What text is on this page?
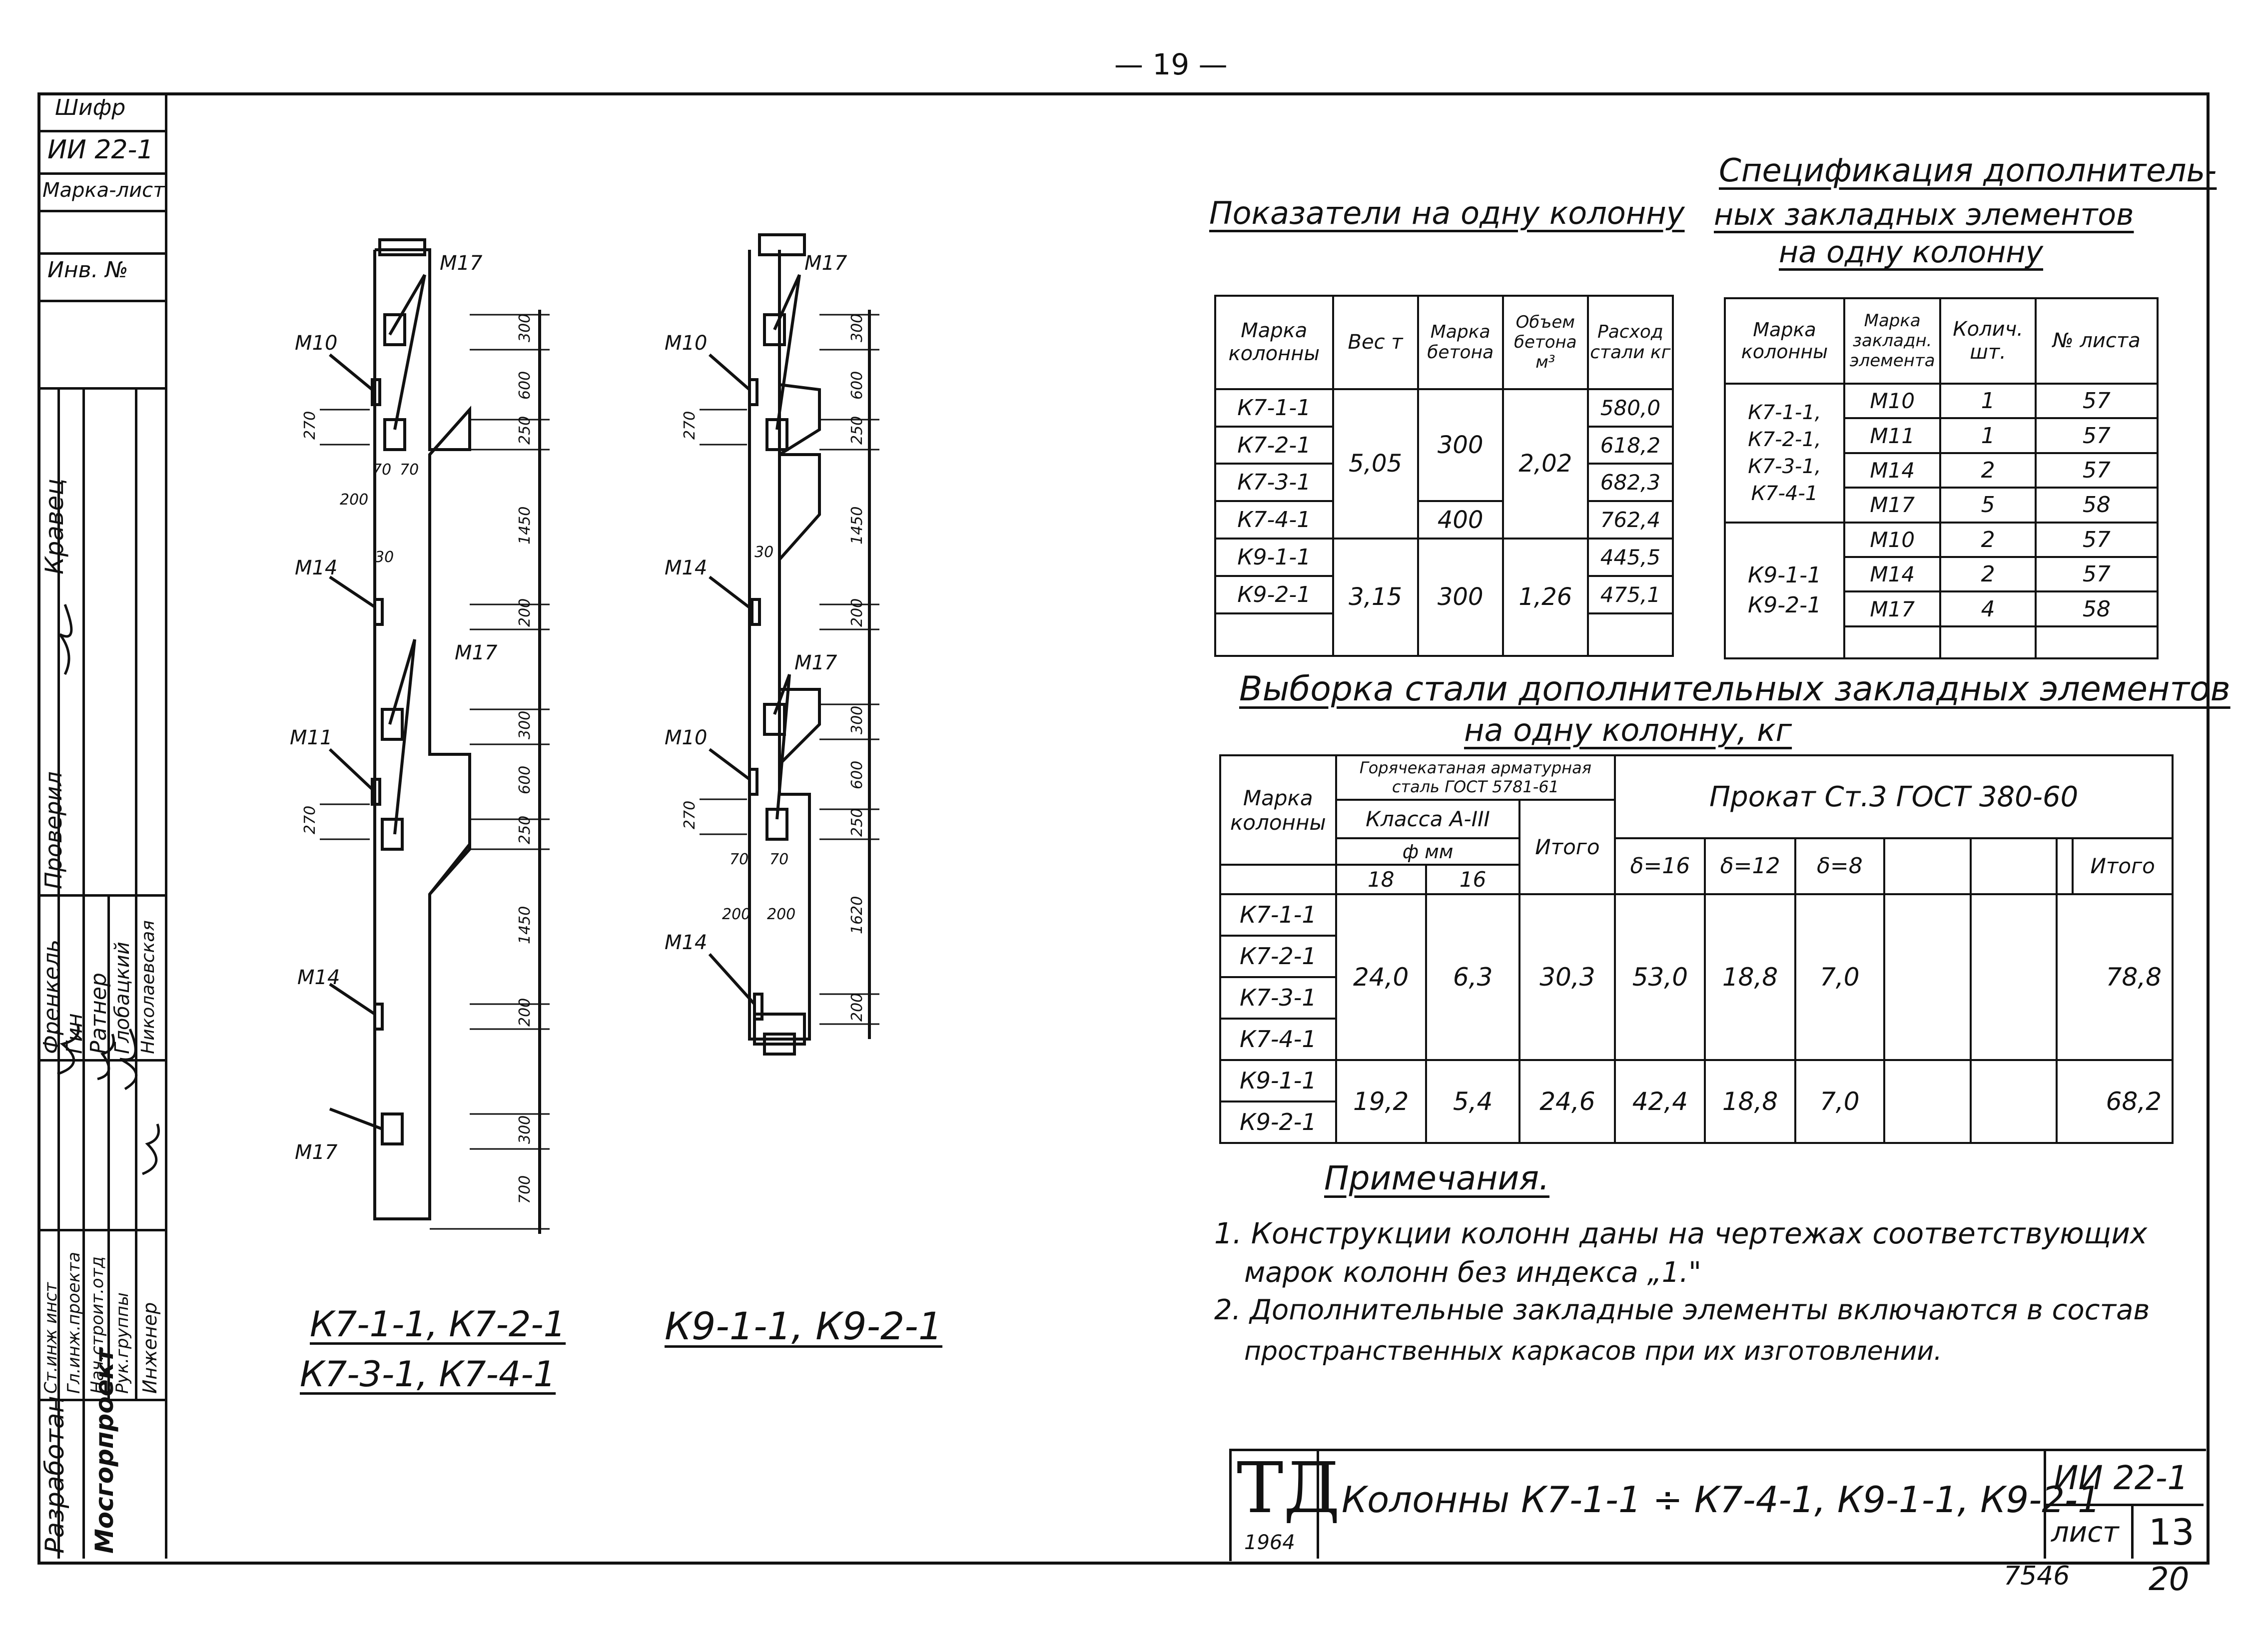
— 19 —
Шифр
ИИ 22-1
Марка-лист
Инв. №
Ст.инж инст Гл.инж.проекта Нач.строит.отд Рук.группы Инженер
Френкель
Гин
Ратнер Глобацкий Николаевская
Проверил
Кравец
Разработан Мосгорпроект
М17
М10
М14
М17
М11
М14
М17
М17
М10
М14
М17
М10
М14
300
600
250
1450
200
300
600
250
1450
200
300
700
270
70 70
200
30
270
300
600
250
1450
200
300
600
250
1620
200
270
30
270
70 70
200 200
К7-1-1, К7-2-1
К7-3-1, К7-4-1
К9-1-1, К9-2-1
Показатели на одну колонну
Марка колонны	Вес т	Марка бетона	Объем бетона м³	Расход стали кг
К7-1-1	5,05	300	2,02	580,0
К7-2-1				618,2
К7-3-1				682,3
К7-4-1		400		762,4
К9-1-1	3,15	300	1,26	445,5
К9-2-1				475,1

Спецификация дополнитель-
ных закладных элементов
на одну колонну
Марка колонны	Марка закладн. элемента	Колич. шт.	№ листа

К7-1-1,
К7-2-1,
К7-3-1,
К7-4-1	М10	1	57
	М11	1	57
	М14	2	57
	М17	5	58

К9-1-1
К9-2-1	М10	2	57
	М14	2	57
	М17	4	58

Выборка стали дополнительных закладных элементов
на одну колонну, кг
Марка колонны	Горячекатаная арматурная
сталь ГОСТ 5781-61			Прокат Ст.3 ГОСТ 380-60						
	Класса А-III		Итого							
	ф мм			δ=16	δ=12	δ=8				Итого
	18	16								
К7-1-1	24,0	6,3	30,3	53,0	18,8	7,0			78,8	
К7-2-1										
К7-3-1										
К7-4-1										
К9-1-1	19,2	5,4	24,6	42,4	18,8	7,0			68,2	
К9-2-1										
Примечания.
1. Конструкции колонн даны на чертежах соответствующих
марок колонн без индекса „1."
2. Дополнительные закладные элементы включаются в состав
пространственных каркасов при их изготовлении.
ТД
1964
Колонны К7-1-1 ÷ К7-4-1, К9-1-1, К9-2-1
ИИ 22-1
лист 13
7546 20
